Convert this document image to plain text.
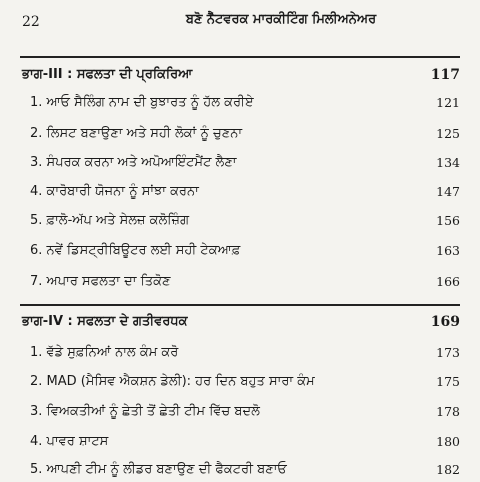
22	ਬਣੋ ਨੈੱਟਵਰਕ ਮਾਰਕੀਟਿੰਗ ਮਿਲੀਅਨੇਅਰ
ਭਾਗ-III : ਸਫਲਤਾ ਦੀ ਪ੍ਰਕਿਰਿਆ	117
1. ਆਓ ਸੈਲਿੰਗ ਨਾਮ ਦੀ ਬੁਝਾਰਤ ਨੂੰ ਹੱਲ ਕਰੀਏ	121
2. ਲਿਸਟ ਬਣਾਉਣਾ ਅਤੇ ਸਹੀ ਲੋਕਾਂ ਨੂੰ ਚੁਣਨਾ	125
3. ਸੰਪਰਕ ਕਰਨਾ ਅਤੇ ਅਪੋਆਇੰਟਮੈਂਟ ਲੈਣਾ	134
4. ਕਾਰੋਬਾਰੀ ਯੋਜਨਾ ਨੂੰ ਸਾਂਝਾ ਕਰਨਾ	147
5. ਫ਼ਾਲੋ-ਅੱਪ ਅਤੇ ਸੇਲਜ਼ ਕਲੋਜ਼ਿੰਗ	156
6. ਨਵੇਂ ਡਿਸਟ੍ਰੀਬਿਊਟਰ ਲਈ ਸਹੀ ਟੇਕਆਫ਼	163
7. ਅਪਾਰ ਸਫਲਤਾ ਦਾ ਤਿਕੋਣ	166
ਭਾਗ-IV : ਸਫਲਤਾ ਦੇ ਗਤੀਵਰਧਕ	169
1. ਵੱਡੇ ਸੁਫ਼ਨਿਆਂ ਨਾਲ ਕੰਮ ਕਰੋ	173
2. MAD (ਮੈਸਿਵ ਐਕਸ਼ਨ ਡੇਲੀ): ਹਰ ਦਿਨ ਬਹੁਤ ਸਾਰਾ ਕੰਮ	175
3. ਵਿਅਕਤੀਆਂ ਨੂੰ ਛੇਤੀ ਤੋਂ ਛੇਤੀ ਟੀਮ ਵਿੱਚ ਬਦਲੋ	178
4. ਪਾਵਰ ਸ਼ਾਟਸ	180
5. ਆਪਣੀ ਟੀਮ ਨੂੰ ਲੀਡਰ ਬਣਾਉਣ ਦੀ ਫੈਕਟਰੀ ਬਣਾਓ	182
